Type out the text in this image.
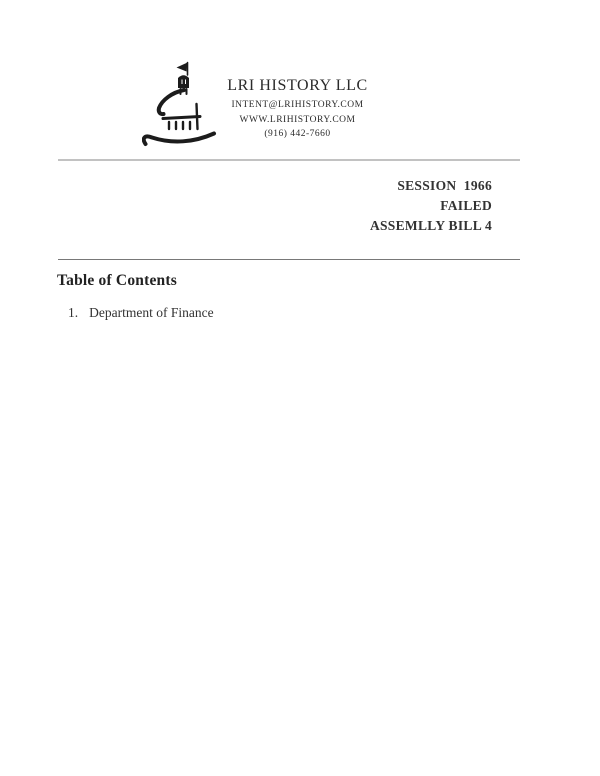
LRI HISTORY LLC
INTENT@LRIHISTORY.COM
WWW.LRIHISTORY.COM
(916) 442-7660
SESSION  1966
FAILED
ASSEMLLY BILL 4
Table of Contents
1. Department of Finance
